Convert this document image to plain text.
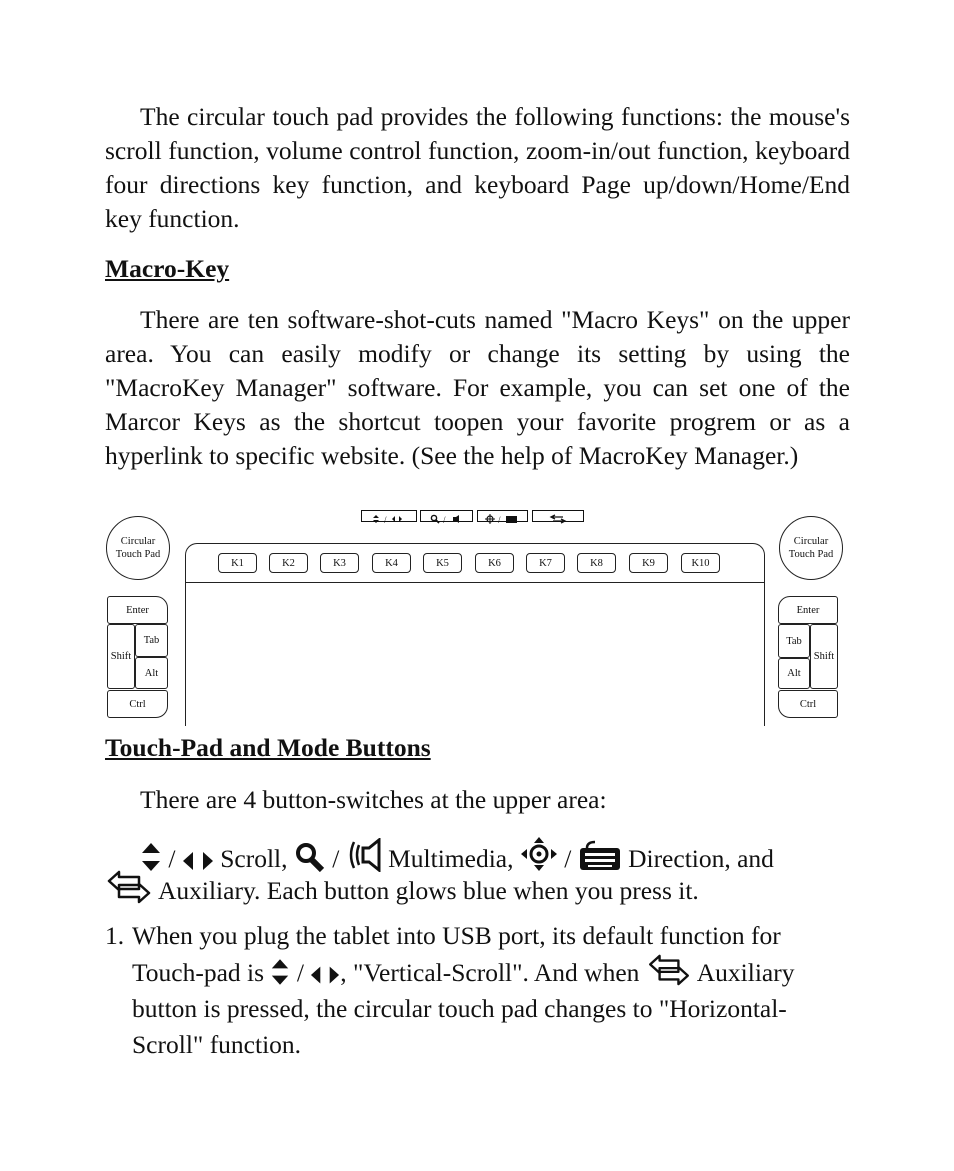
The circular touch pad provides the following functions: the mouse's scroll function, volume control function, zoom-in/out function, keyboard four directions key function, and keyboard Page up/down/Home/End key function.

Macro-Key

There are ten software-shot-cuts named "Macro Keys" on the upper area. You can easily modify or change its setting by using the "MacroKey Manager" software. For example, you can set one of the Marcor Keys as the shortcut toopen your favorite progrem or as a hyperlink to specific website. (See the help of MacroKey Manager.)

/	/	/
Circular
Touch Pad
Circular
Touch Pad
K1	K2	K3	K4	K5	K6	K7	K8	K9	K10
Enter
Shift
Tab
Alt
Ctrl
Enter
Tab
Alt
Shift
Ctrl

Touch-Pad and Mode Buttons

There are 4 button-switches at the upper area:

/ Scroll, / Multimedia, / Direction, and

Auxiliary. Each button glows blue when you press it.

1. When you plug the tablet into USB port, its default function for
Touch-pad is / , "Vertical-Scroll". And when Auxiliary
button is pressed, the circular touch pad changes to "Horizontal-
Scroll" function.
